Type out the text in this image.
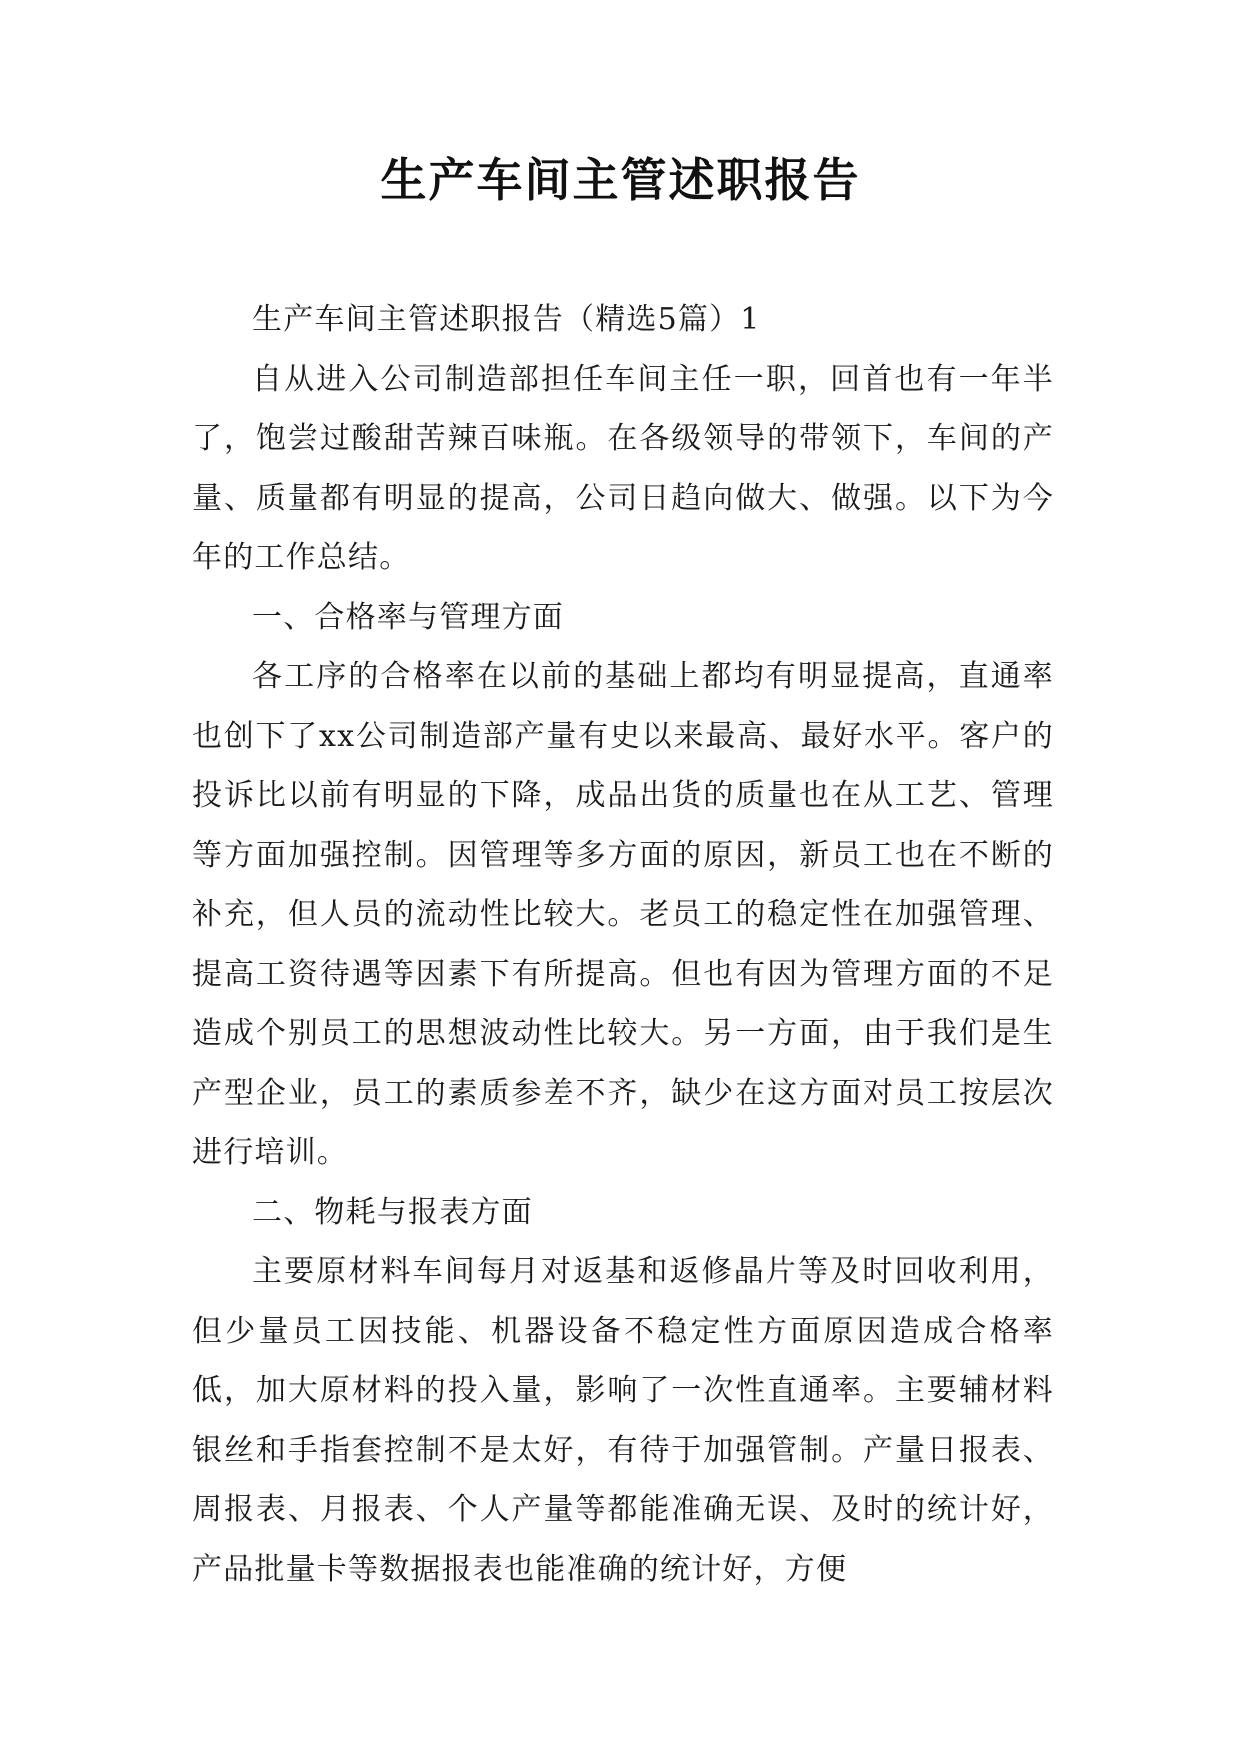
生产车间主管述职报告

生产车间主管述职报告（精选5篇）1

自从进入公司制造部担任车间主任一职，回首也有一年半了，饱尝过酸甜苦辣百味瓶。在各级领导的带领下，车间的产量、质量都有明显的提高，公司日趋向做大、做强。以下为今年的工作总结。

一、合格率与管理方面

各工序的合格率在以前的基础上都均有明显提高，直通率也创下了xx公司制造部产量有史以来最高、最好水平。客户的投诉比以前有明显的下降，成品出货的质量也在从工艺、管理等方面加强控制。因管理等多方面的原因，新员工也在不断的补充，但人员的流动性比较大。老员工的稳定性在加强管理、提高工资待遇等因素下有所提高。但也有因为管理方面的不足造成个别员工的思想波动性比较大。另一方面，由于我们是生产型企业，员工的素质参差不齐，缺少在这方面对员工按层次进行培训。

二、物耗与报表方面

主要原材料车间每月对返基和返修晶片等及时回收利用，但少量员工因技能、机器设备不稳定性方面原因造成合格率低，加大原材料的投入量，影响了一次性直通率。主要辅材料银丝和手指套控制不是太好，有待于加强管制。产量日报表、周报表、月报表、个人产量等都能准确无误、及时的统计好，产品批量卡等数据报表也能准确的统计好，方便
